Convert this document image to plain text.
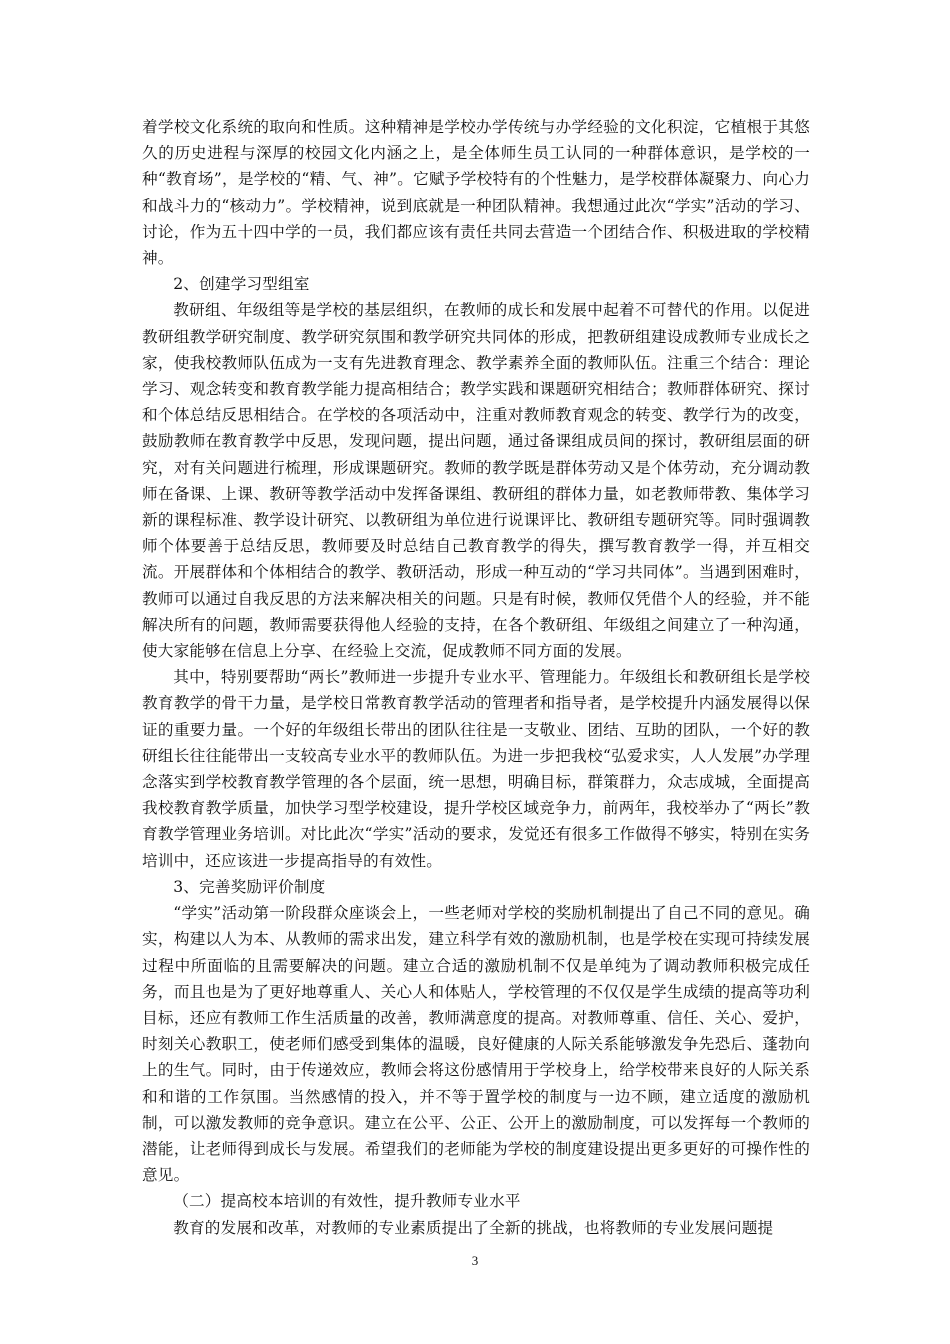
着学校文化系统的取向和性质。这种精神是学校办学传统与办学经验的文化积淀，它植根于其悠久的历史进程与深厚的校园文化内涵之上，是全体师生员工认同的一种群体意识，是学校的一种“教育场”，是学校的“精、气、神”。它赋予学校特有的个性魅力，是学校群体凝聚力、向心力和战斗力的“核动力”。学校精神，说到底就是一种团队精神。我想通过此次“学实”活动的学习、讨论，作为五十四中学的一员，我们都应该有责任共同去营造一个团结合作、积极进取的学校精神。

2、创建学习型组室

教研组、年级组等是学校的基层组织，在教师的成长和发展中起着不可替代的作用。以促进教研组教学研究制度、教学研究氛围和教学研究共同体的形成，把教研组建设成教师专业成长之家，使我校教师队伍成为一支有先进教育理念、教学素养全面的教师队伍。注重三个结合：理论学习、观念转变和教育教学能力提高相结合；教学实践和课题研究相结合；教师群体研究、探讨和个体总结反思相结合。在学校的各项活动中，注重对教师教育观念的转变、教学行为的改变，鼓励教师在教育教学中反思，发现问题，提出问题，通过备课组成员间的探讨，教研组层面的研究，对有关问题进行梳理，形成课题研究。教师的教学既是群体劳动又是个体劳动，充分调动教师在备课、上课、教研等教学活动中发挥备课组、教研组的群体力量，如老教师带教、集体学习新的课程标准、教学设计研究、以教研组为单位进行说课评比、教研组专题研究等。同时强调教师个体要善于总结反思，教师要及时总结自己教育教学的得失，撰写教育教学一得，并互相交流。开展群体和个体相结合的教学、教研活动，形成一种互动的“学习共同体”。当遇到困难时，教师可以通过自我反思的方法来解决相关的问题。只是有时候，教师仅凭借个人的经验，并不能解决所有的问题，教师需要获得他人经验的支持，在各个教研组、年级组之间建立了一种沟通，使大家能够在信息上分享、在经验上交流，促成教师不同方面的发展。

其中，特别要帮助“两长”教师进一步提升专业水平、管理能力。年级组长和教研组长是学校教育教学的骨干力量，是学校日常教育教学活动的管理者和指导者，是学校提升内涵发展得以保证的重要力量。一个好的年级组长带出的团队往往是一支敬业、团结、互助的团队，一个好的教研组长往往能带出一支较高专业水平的教师队伍。为进一步把我校“弘爱求实，人人发展”办学理念落实到学校教育教学管理的各个层面，统一思想，明确目标，群策群力，众志成城，全面提高我校教育教学质量，加快学习型学校建设，提升学校区域竞争力，前两年，我校举办了“两长”教育教学管理业务培训。对比此次“学实”活动的要求，发觉还有很多工作做得不够实，特别在实务培训中，还应该进一步提高指导的有效性。

3、完善奖励评价制度

“学实”活动第一阶段群众座谈会上，一些老师对学校的奖励机制提出了自己不同的意见。确实，构建以人为本、从教师的需求出发，建立科学有效的激励机制，也是学校在实现可持续发展过程中所面临的且需要解决的问题。建立合适的激励机制不仅是单纯为了调动教师积极完成任务，而且也是为了更好地尊重人、关心人和体贴人，学校管理的不仅仅是学生成绩的提高等功利目标，还应有教师工作生活质量的改善，教师满意度的提高。对教师尊重、信任、关心、爱护，时刻关心教职工，使老师们感受到集体的温暖，良好健康的人际关系能够激发争先恐后、蓬勃向上的生气。同时，由于传递效应，教师会将这份感情用于学校身上，给学校带来良好的人际关系和和谐的工作氛围。当然感情的投入，并不等于置学校的制度与一边不顾，建立适度的激励机制，可以激发教师的竞争意识。建立在公平、公正、公开上的激励制度，可以发挥每一个教师的潜能，让老师得到成长与发展。希望我们的老师能为学校的制度建设提出更多更好的可操作性的意见。

（二）提高校本培训的有效性，提升教师专业水平

教育的发展和改革，对教师的专业素质提出了全新的挑战，也将教师的专业发展问题提

3
